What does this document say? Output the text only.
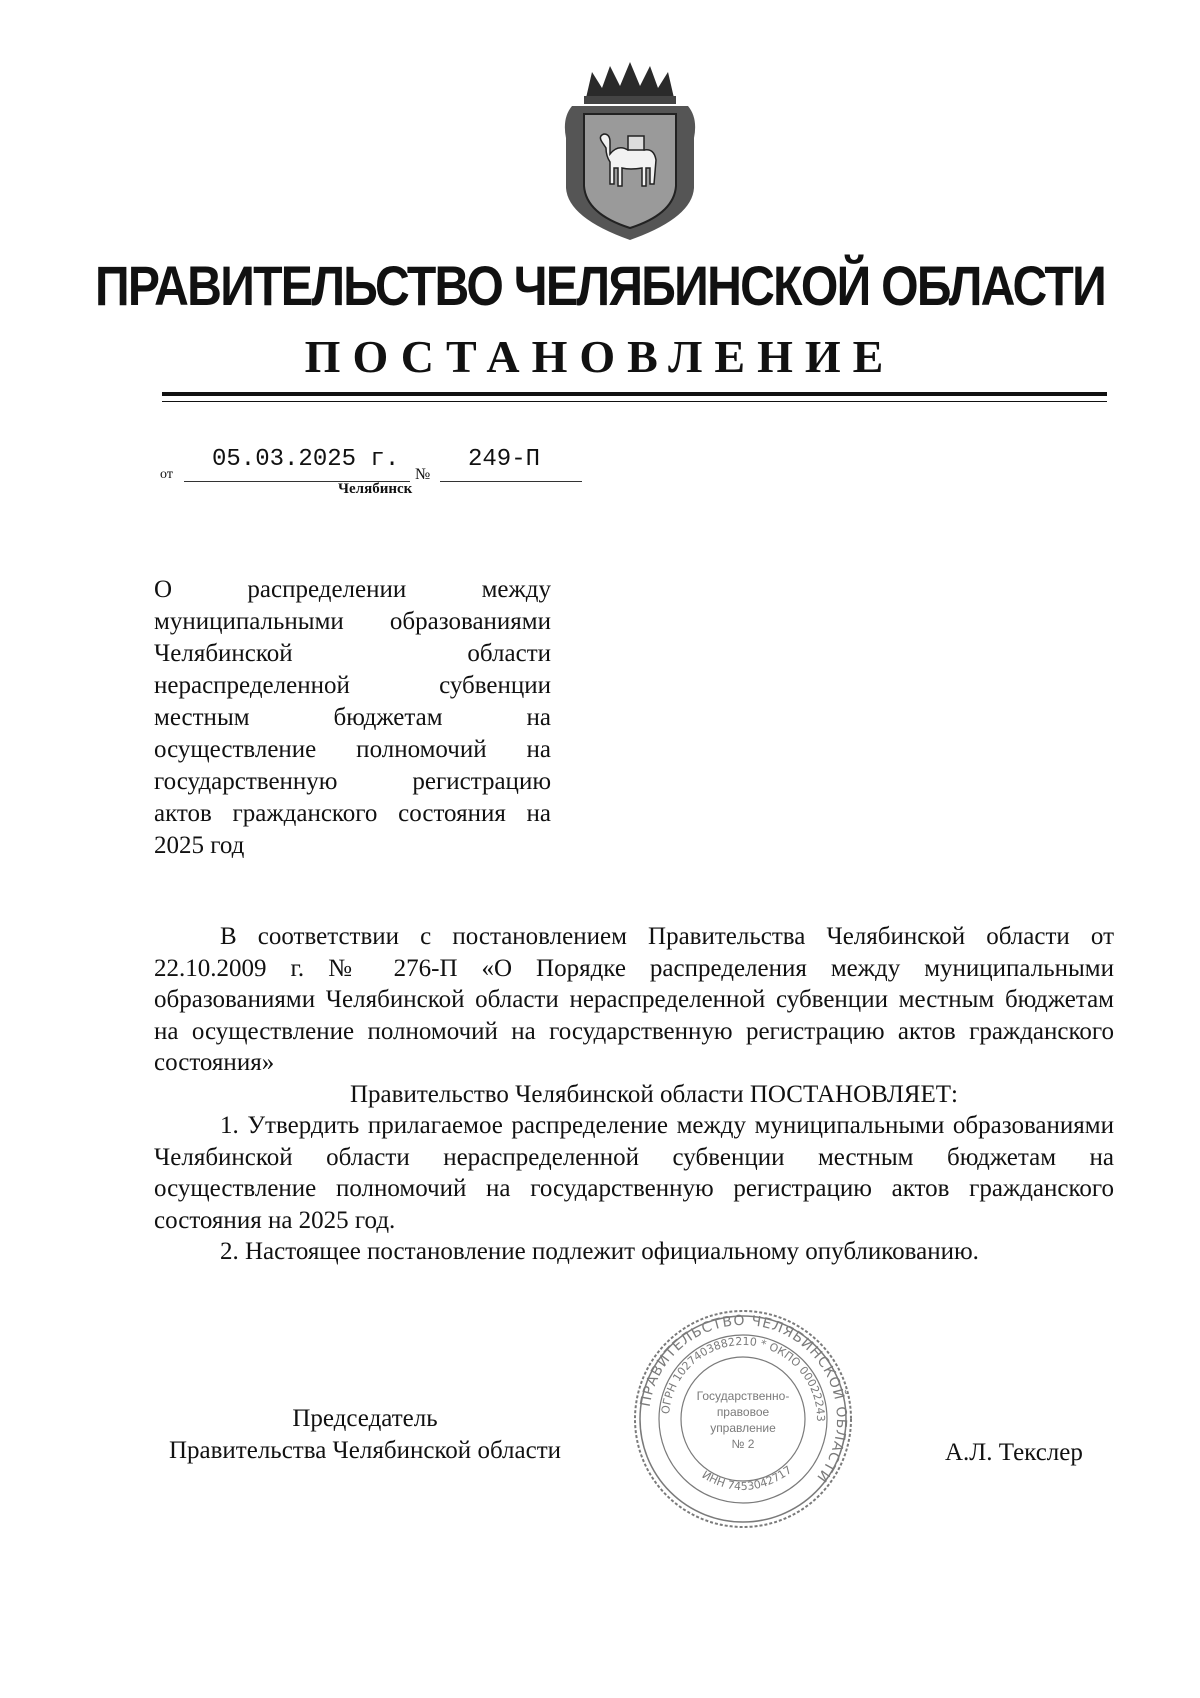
ПРАВИТЕЛЬСТВО ЧЕЛЯБИНСКОЙ ОБЛАСТИ
ПОСТАНОВЛЕНИЕ
от
05.03.2025 г.
№
249-П
Челябинск

О распределении между

муниципальными образованиями

Челябинской области

нераспределенной субвенции

местным бюджетам на

осуществление полномочий на

государственную регистрацию

актов гражданского состояния на

2025 год

В соответствии с постановлением Правительства Челябинской области от 22.10.2009 г. № 276-П «О Порядке распределения между муниципальными образованиями Челябинской области нераспределенной субвенции местным бюджетам на осуществление полномочий на государственную регистрацию актов гражданского состояния»

Правительство Челябинской области ПОСТАНОВЛЯЕТ:

1. Утвердить прилагаемое распределение между муниципальными образованиями Челябинской области нераспределенной субвенции местным бюджетам на осуществление полномочий на государственную регистрацию актов гражданского состояния на 2025 год.

2. Настоящее постановление подлежит официальному опубликованию.

Председатель
Правительства Челябинской области	А.Л. Текслер
ПРАВИТЕЛЬСТВО ЧЕЛЯБИНСКОЙ ОБЛАСТИ
ОГРН 1027403882210 * ОКПО 00022243
ИНН 7453042717
Государственно-
правовое
управление
№ 2
